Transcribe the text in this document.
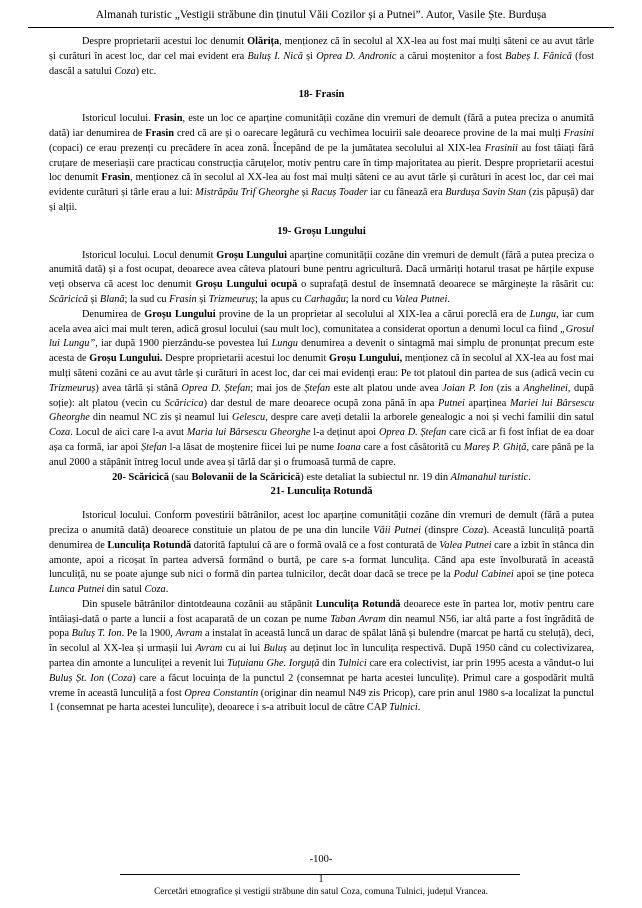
Almanah turistic „Vestigii străbune din ținutul Văii Cozilor și a Putnei”. Autor, Vasile Ște. Burdușa

Despre proprietarii acestui loc denumit Olărița, menționez că în secolul al XX-lea au fost mai mulți săteni ce au avut târle și curături în acest loc, dar cel mai evident era Buluș I. Nică și Oprea D. Andronic a cărui moștenitor a fost Babeș I. Fănică (fost dascăl a satului Coza) etc.

18- Frasin

Istoricul locului. Frasin, este un loc ce aparține comunității cozăne din vremuri de demult (fără a putea preciza o anumită dată) iar denumirea de Frasin cred că are și o oarecare legătură cu vechimea locuirii sale deoarece provine de la mai mulți Frasini (copaci) ce erau prezenți cu precădere în acea zonă. Începând de pe la jumătatea secolului al XIX-lea Frasinii au fost tăiați fără cruțare de meseriașii care practicau construcția căruțelor, motiv pentru care în timp majoritatea au pierit. Despre proprietarii acestui loc denumit Frasin, menționez că în secolul al XX-lea au fost mai mulți săteni ce au avut târle și curături în acest loc, dar cei mai evidente curături și târle erau a lui: Mistrăpău Trif Gheorghe și Racuș Toader iar cu fânează era Burdușa Savin Stan (zis păpușă) dar și alții.

19- Groșu Lungului

Istoricul locului. Locul denumit Groșu Lungului aparține comunității cozăne din vremuri de demult (fără a putea preciza o anumită dată) și a fost ocupat, deoarece avea câteva platouri bune pentru agricultură. Dacă urmăriți hotarul trasat pe hărțile expuse veți observa că acest loc denumit Groșu Lungului ocupă o suprafață destul de însemnată deoarece se mărginește la răsărit cu: Scăricică și Blană; la sud cu Frasin și Trizmeuruș; la apus cu Carhagău; la nord cu Valea Putnei.

Denumirea de Groșu Lungului provine de la un proprietar al secolului al XIX-lea a cărui poreclă era de Lungu, iar cum acela avea aici mai mult teren, adică grosul locului (sau mult loc), comunitatea a considerat oportun a denumi locul ca fiind „Grosul lui Lungu”, iar după 1900 pierzându-se povestea lui Lungu denumirea a devenit o sintagmă mai simplu de pronunțat precum este acesta de Groșu Lungului. Despre proprietarii acestui loc denumit Groșu Lungului, menționez că în secolul al XX-lea au fost mai mulți săteni cozăni ce au avut târle și curături în acest loc, dar cei mai evidenți erau: Pe tot platoul din partea de sus (adică vecin cu Trizmeuruș) avea târlă și stână Oprea D. Ștefan; mai jos de Ștefan este alt platou unde avea Joian P. Ion (zis a Anghelinei, după soție): alt platou (vecin cu Scăricica) dar destul de mare deoarece ocupă zona până în apa Putnei aparținea Mariei lui Bârsescu Gheorghe din neamul NC zis și neamul lui Gelescu, despre care aveți detalii la arborele genealogic a noi și vechi familii din satul Coza. Locul de aici care l-a avut Maria lui Bârsescu Gheorghe l-a deținut apoi Oprea D. Ștefan care cică ar fi fost înfiat de ea doar așa ca formă, iar apoi Ștefan l-a lăsat de moștenire fiicei lui pe nume Ioana care a fost căsătorită cu Mareș P. Ghiță, care până pe la anul 2000 a stăpânit întreg locul unde avea și târlă dar și o frumoasă turmă de capre.

20- Scăricică (sau Bolovanii de la Scăricică) este detaliat la subiectul nr. 19 din Almanahul turistic.

21- Lunculița Rotundă

Istoricul locului. Conform povestirii bătrânilor, acest loc aparține comunității cozăne din vremuri de demult (fără a putea preciza o anumită dată) deoarece constituie un platou de pe una din luncile Văii Putnei (dinspre Coza). Această lunculiță poartă denumirea de Lunculița Rotundă datorită faptului că are o formă ovală ce a fost conturată de Valea Putnei care a izbit în stânca din amonte, apoi a ricoșat în partea adversă formând o burtă, pe care s-a format lunculița. Când apa este învolburată în această lunculiță, nu se poate ajunge sub nici o formă din partea tulnicilor, decât doar dacă se trece pe la Podul Cabinei apoi se ține poteca Lunca Putnei din satul Coza.

Din spusele bătrânilor dintotdeauna cozănii au stăpânit Lunculița Rotundă deoarece este în partea lor, motiv pentru care întâiași-dată o parte a luncii a fost acaparată de un cozan pe nume Taban Avram din neamul N56, iar altă parte a fost îngrădită de popa Buluș T. Ion. Pe la 1900, Avram a instalat în această luncă un darac de spălat lână și bulendre (marcat pe hartă cu steluță), deci, în secolul al XX-lea și urmașii lui Avram cu ai lui Buluș au deținut loc în lunculița respectivă. După 1950 când cu colectivizarea, partea din amonte a lunculiței a revenit lui Tuțuianu Ghe. Iorguță din Tulnici care era colectivist, iar prin 1995 acesta a vândut-o lui Buluș Șt. Ion (Coza) care a făcut locuința de la punctul 2 (consemnat pe harta acestei lunculițe). Primul care a gospodărit multă vreme în această lunculiță a fost Oprea Constantin (originar din neamul N49 zis Pricop), care prin anul 1980 s-a localizat la punctul 1 (consemnat pe harta acestei lunculițe), deoarece i s-a atribuit locul de către CAP Tulnici.

-100-
1
Cercetări etnografice și vestigii străbune din satul Coza, comuna Tulnici, județul Vrancea.
